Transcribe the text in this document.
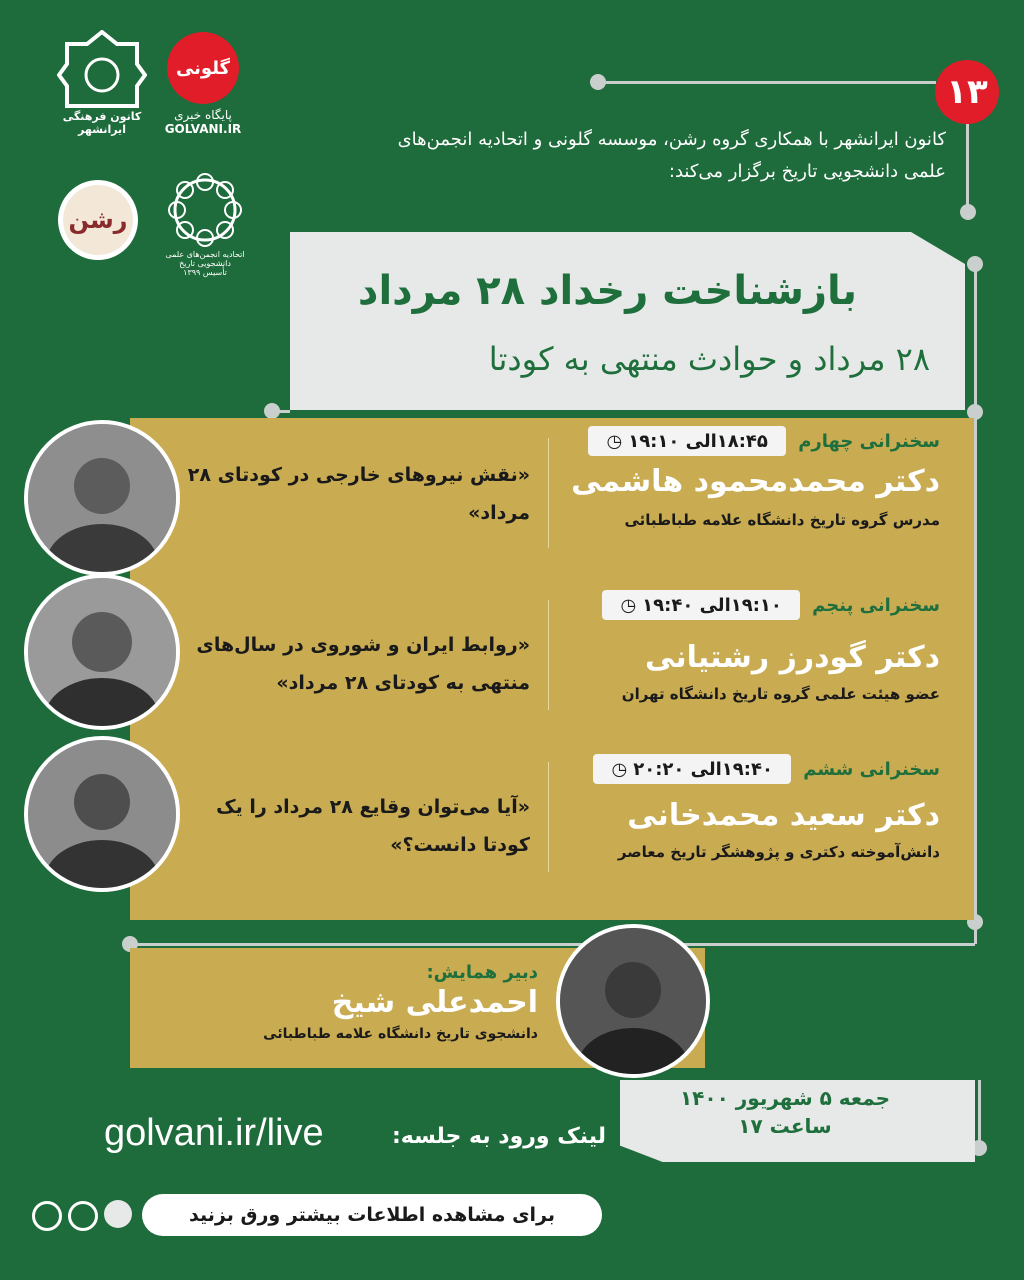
۱۳
کانون فرهنگی ایرانشهر
گلونی
پایگاه خبری
GOLVANI.IR
رشن
اتحادیه انجمن‌های علمی دانشجویی تاریخ
تأسیس ۱۳۹۹
کانون ایرانشهر با همکاری گروه رشن، موسسه گلونی و اتحادیه انجمن‌های
علمی دانشجویی تاریخ برگزار می‌کند:
بازشناخت رخداد ۲۸ مرداد
۲۸ مرداد و حوادث منتهی به کودتا
سخنرانی چهارم
۱۸:۴۵الی ۱۹:۱۰
◷
دکتر محمدمحمود هاشمی
مدرس گروه تاریخ دانشگاه علامه طباطبائی
«نقش نیروهای خارجی در کودتای ۲۸
مرداد»
سخنرانی پنجم
۱۹:۱۰الی ۱۹:۴۰
◷
دکتر گودرز رشتیانی
عضو هیئت علمی گروه تاریخ دانشگاه تهران
«روابط ایران و شوروی در سال‌های
منتهی به کودتای ۲۸ مرداد»
سخنرانی ششم
۱۹:۴۰الی ۲۰:۲۰
◷
دکتر سعید محمدخانی
دانش‌آموخته دکتری و پژوهشگر تاریخ معاصر
«آیا می‌توان وقایع ۲۸ مرداد را یک
کودتا دانست؟»
دبیر همایش:
احمدعلی شیخ
دانشجوی تاریخ دانشگاه علامه طباطبائی
جمعه ۵ شهریور ۱۴۰۰
ساعت ۱۷
لینک ورود به جلسه:
golvani.ir/live
برای مشاهده اطلاعات بیشتر ورق بزنید
